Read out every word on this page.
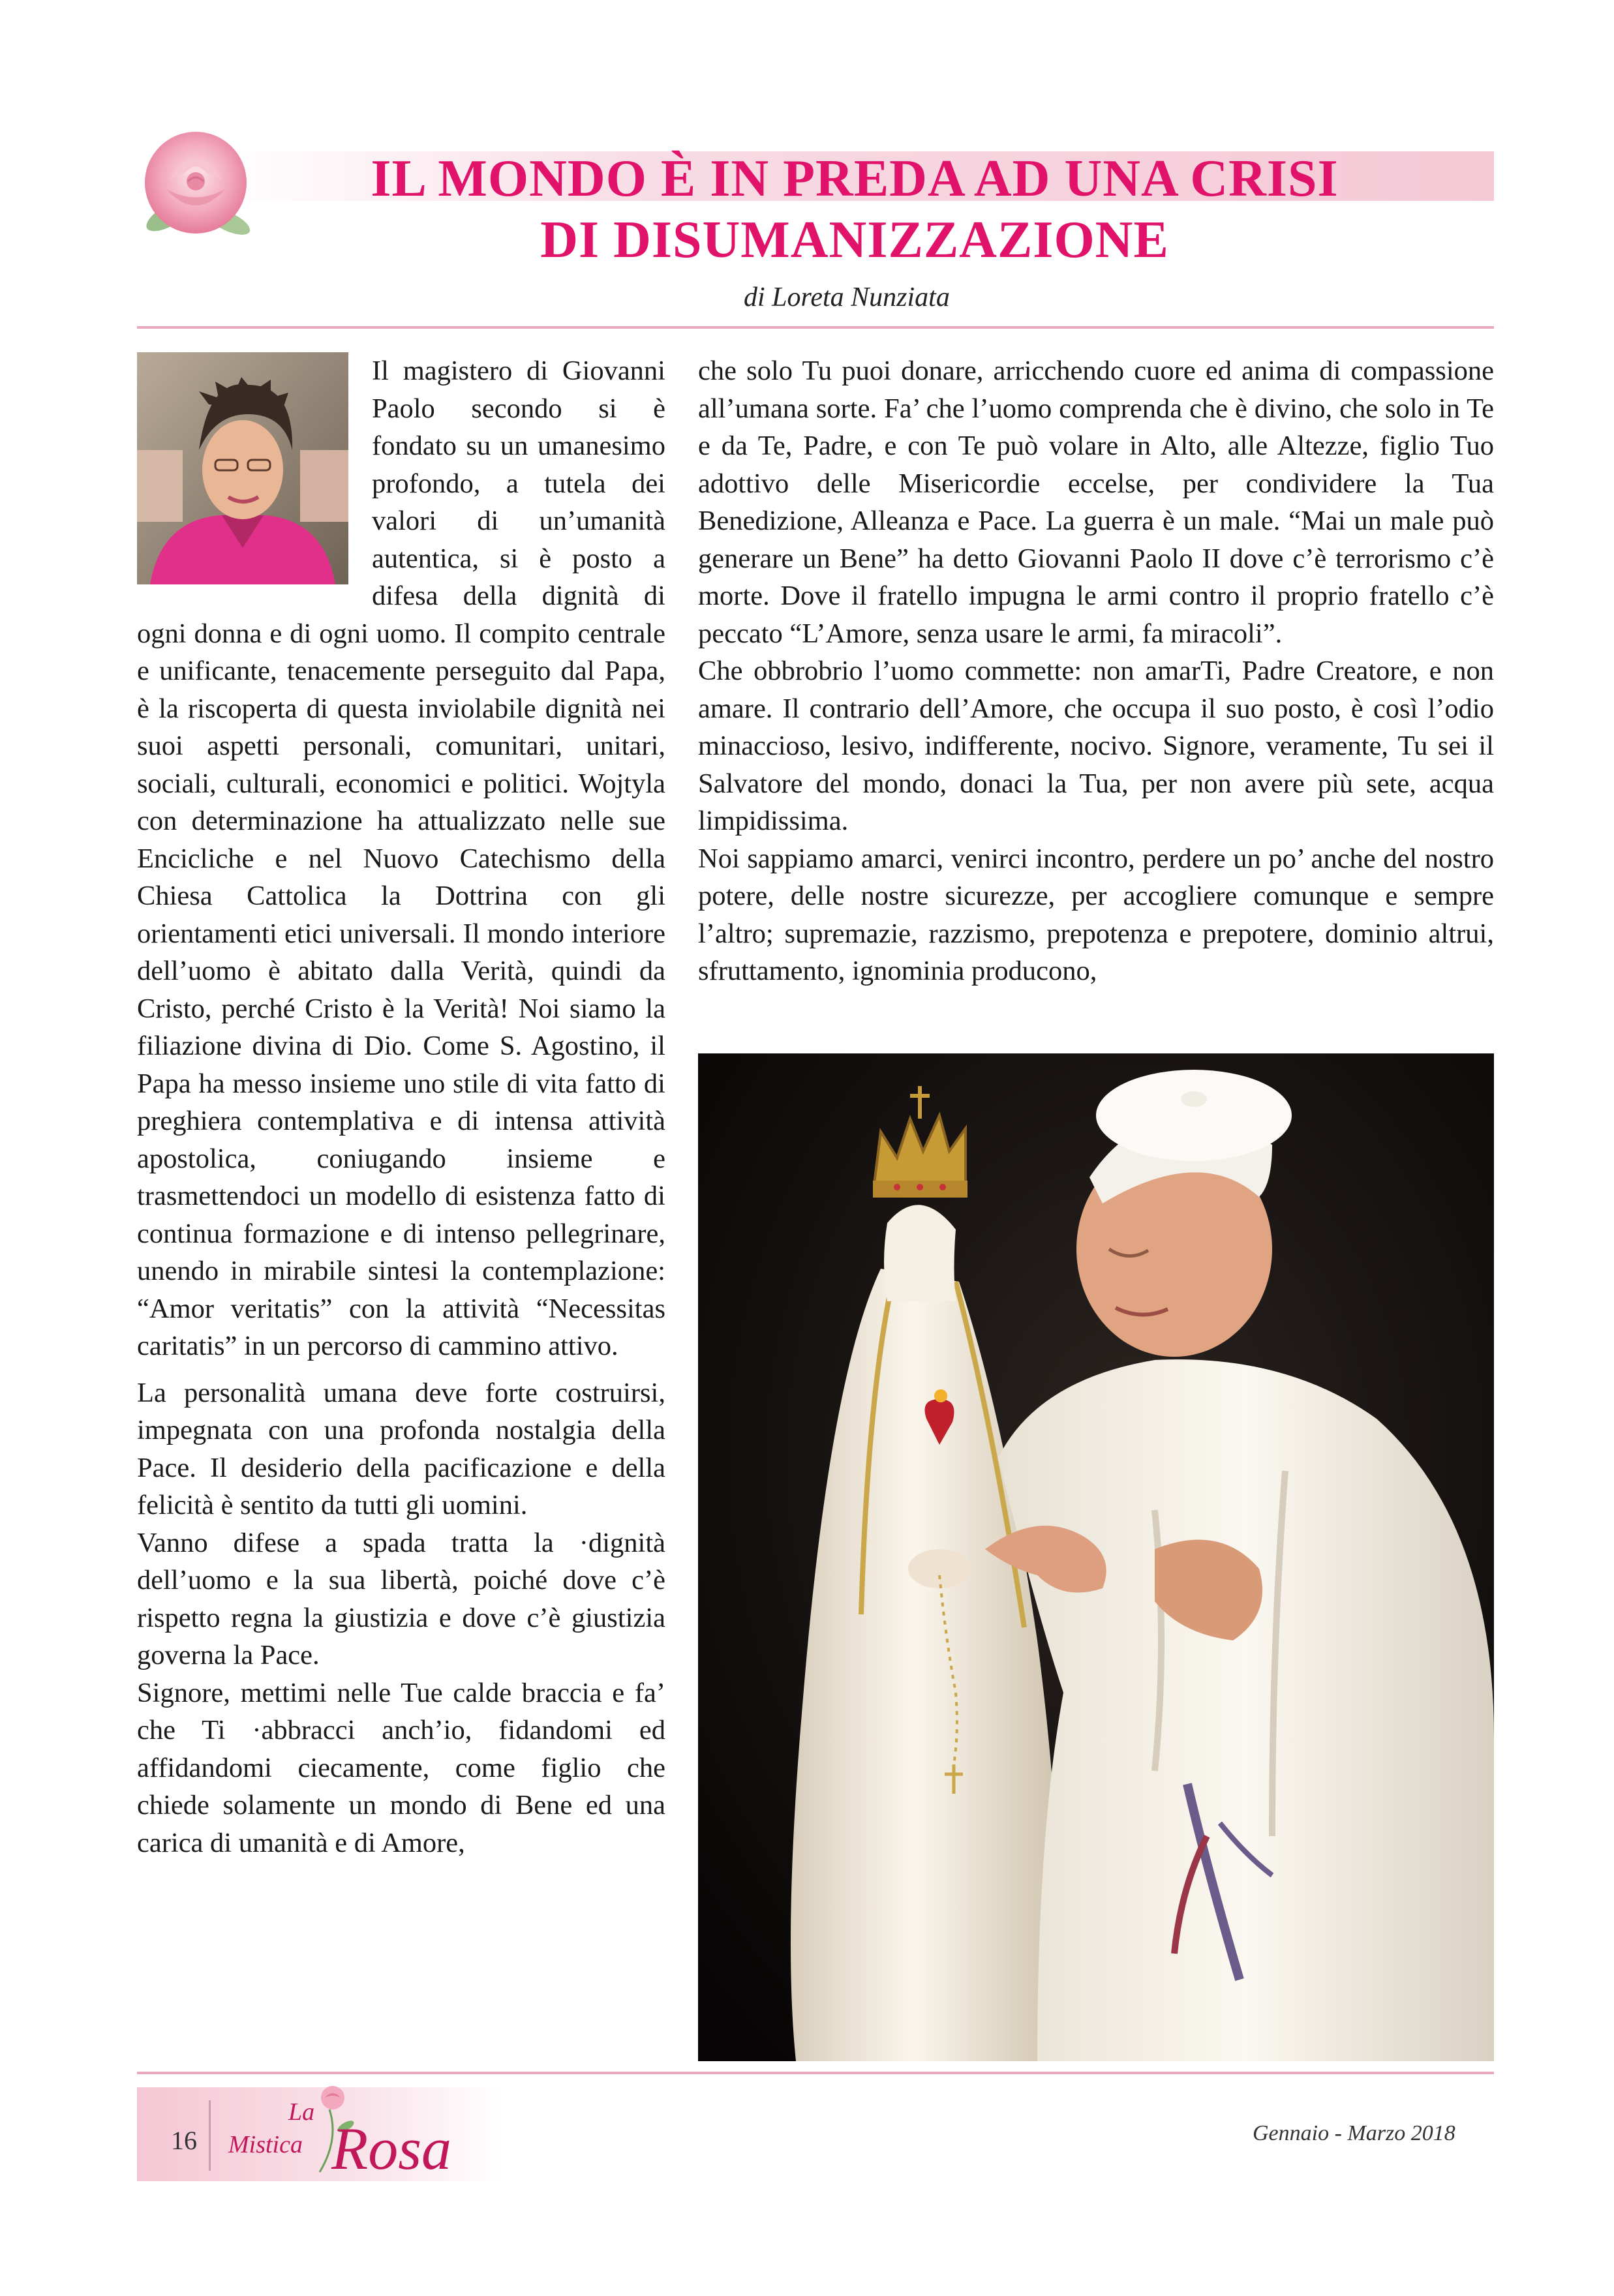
IL MONDO È IN PREDA AD UNA CRISI
DI DISUMANIZZAZIONE
di Loreta Nunziata

Il magistero di Giovanni Paolo secondo si è fondato su un umanesimo profondo, a tutela dei valori di un’umanità autentica, si è posto a difesa della dignità di ogni donna e di ogni uomo. Il compito centrale e unificante, tenacemente perseguito dal Papa, è la riscoperta di questa inviolabile dignità nei suoi aspetti personali, comunitari, unitari, sociali, culturali, economici e politici. Wojtyla con determinazione ha attualizzato nelle sue Encicliche e nel Nuovo Catechismo della Chiesa Cattolica la Dottrina con gli orientamenti etici universali. Il mondo interiore dell’uomo è abitato dalla Verità, quindi da Cristo, perché Cristo è la Verità! Noi siamo la filiazione divina di Dio. Come S. Agostino, il Papa ha messo insieme uno stile di vita fatto di preghiera contemplativa e di intensa attività apostolica, coniugando insieme e trasmettendoci un modello di esistenza fatto di continua formazione e di intenso pellegrinare, unendo in mirabile sintesi la contemplazione: “Amor veritatis” con la attività “Necessitas caritatis” in un percorso di cammino attivo.

La personalità umana deve forte costruirsi, impegnata con una profonda nostalgia della Pace. Il desiderio della pacificazione e della felicità è sentito da tutti gli uomini.

Vanno difese a spada tratta la ·dignità dell’uomo e la sua libertà, poiché dove c’è rispetto regna la giustizia e dove c’è giustizia governa la Pace.

Signore, mettimi nelle Tue calde braccia e fa’ che Ti ·abbracci anch’io, fidandomi ed affidandomi ciecamente, come figlio che chiede solamente un mondo di Bene ed una carica di umanità e di Amore,

che solo Tu puoi donare, arricchendo cuore ed anima di compassione all’umana sorte. Fa’ che l’uomo comprenda che è divino, che solo in Te e da Te, Padre, e con Te può volare in Alto, alle Altezze, figlio Tuo adottivo delle Misericordie eccelse, per condividere la Tua Benedizione, Alleanza e Pace. La guerra è un male. “Mai un male può generare un Bene” ha detto Giovanni Paolo II dove c’è terrorismo c’è morte. Dove il fratello impugna le armi contro il proprio fratello c’è peccato “L’Amore, senza usare le armi, fa miracoli”.

Che obbrobrio l’uomo commette: non amarTi, Padre Creatore, e non amare. Il contrario dell’Amore, che occupa il suo posto, è così l’odio minaccioso, lesivo, indifferente, nocivo. Signore, veramente, Tu sei il Salvatore del mondo, donaci la Tua, per non avere più sete, acqua limpidissima.

Noi sappiamo amarci, venirci incontro, perdere un po’ anche del nostro potere, delle nostre sicurezze, per accogliere comunque e sempre l’altro; supremazie, razzismo, prepotenza e prepotere, dominio altrui, sfruttamento, ignominia producono,

16
La
Mistica Rosa	Gennaio - Marzo 2018
